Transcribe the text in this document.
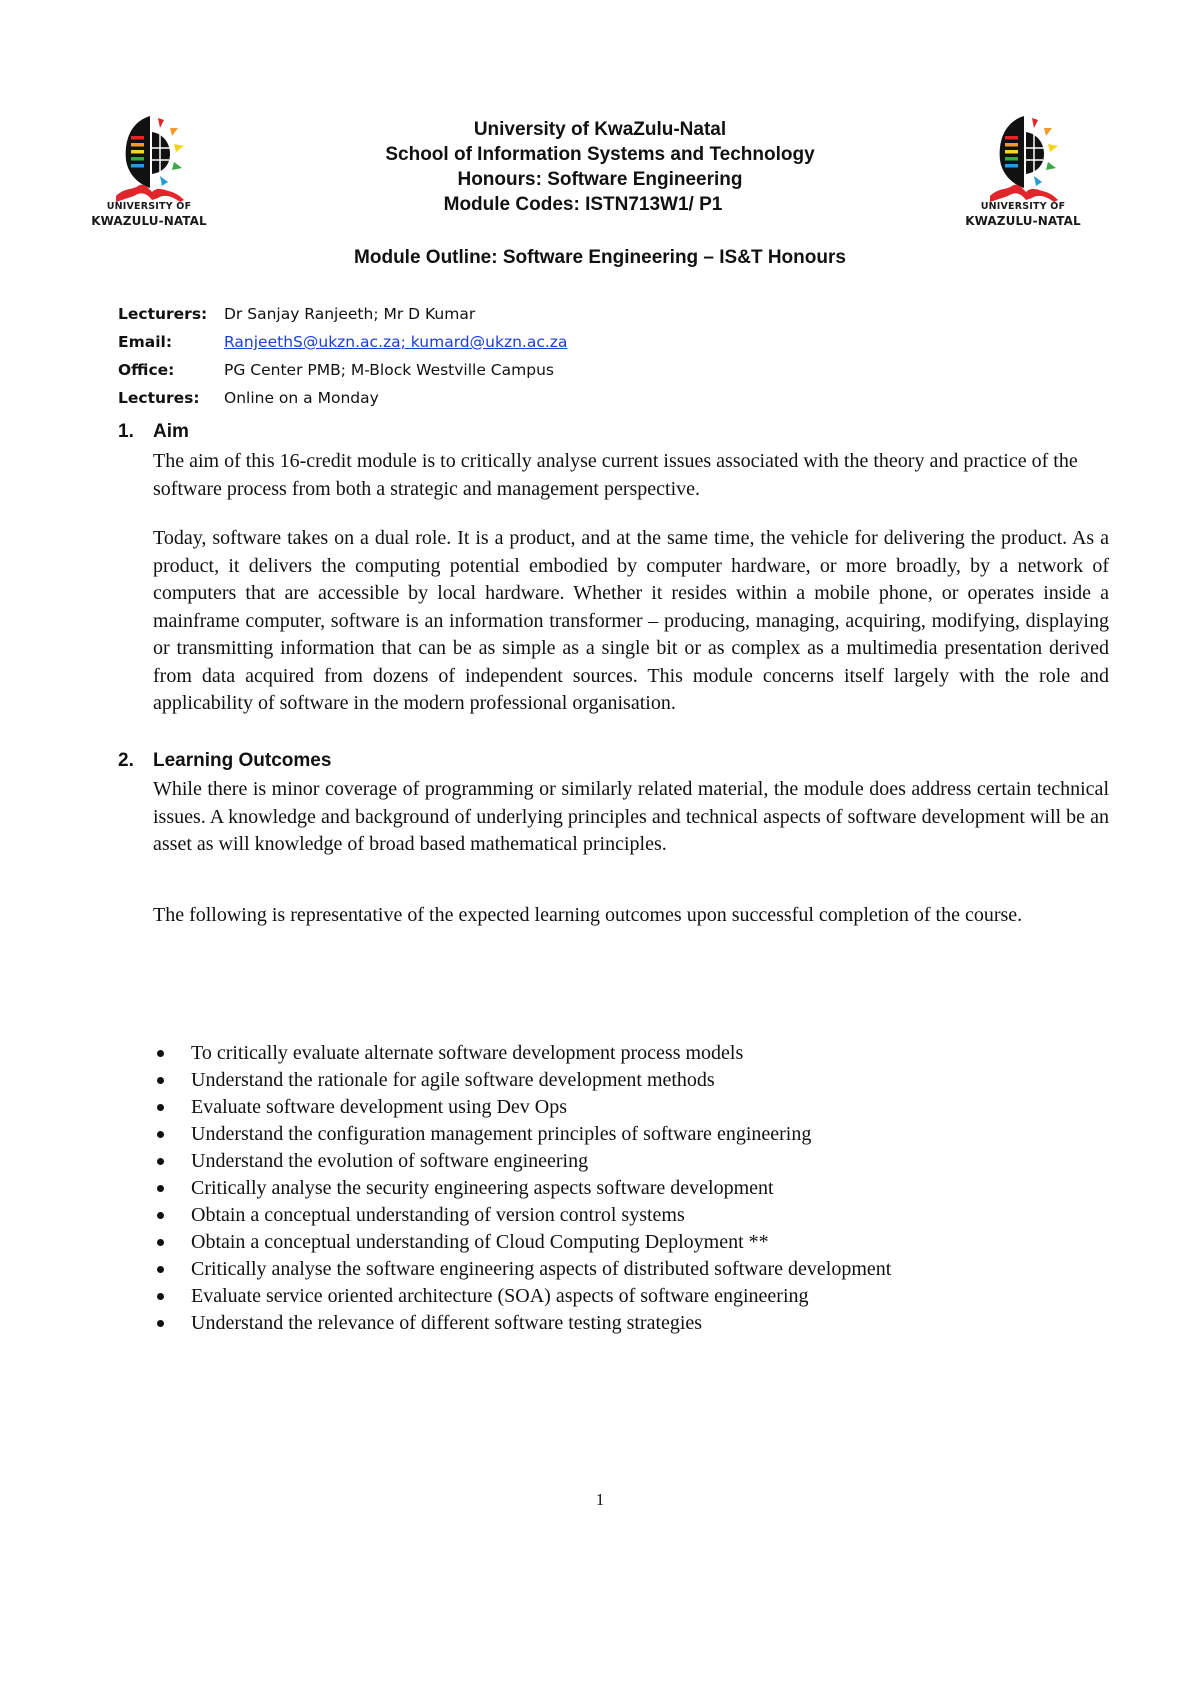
UNIVERSITY OF
KWAZULU-NATAL
UNIVERSITY OF
KWAZULU-NATAL
University of KwaZulu-Natal
School of Information Systems and Technology
Honours: Software Engineering
Module Codes: ISTN713W1/ P1
Module Outline: Software Engineering – IS&T Honours
Lecturers:	Dr Sanjay Ranjeeth; Mr D Kumar
Email:	RanjeethS@ukzn.ac.za; kumard@ukzn.ac.za
Office:	PG Center PMB; M-Block Westville Campus
Lectures:	Online on a Monday
1. Aim

The aim of this 16-credit module is to critically analyse current issues associated with the theory and practice of the software process from both a strategic and management perspective.

Today, software takes on a dual role. It is a product, and at the same time, the vehicle for delivering the product. As a product, it delivers the computing potential embodied by computer hardware, or more broadly, by a network of computers that are accessible by local hardware. Whether it resides within a mobile phone, or operates inside a mainframe computer, software is an information transformer – producing, managing, acquiring, modifying, displaying or transmitting information that can be as simple as a single bit or as complex as a multimedia presentation derived from data acquired from dozens of independent sources. This module concerns itself largely with the role and applicability of software in the modern professional organisation.

2. Learning Outcomes

While there is minor coverage of programming or similarly related material, the module does address certain technical issues. A knowledge and background of underlying principles and technical aspects of software development will be an asset as will knowledge of broad based mathematical principles.

The following is representative of the expected learning outcomes upon successful completion of the course.

To critically evaluate alternate software development process models
Understand the rationale for agile software development methods
Evaluate software development using Dev Ops
Understand the configuration management principles of software engineering
Understand the evolution of software engineering
Critically analyse the security engineering aspects software development
Obtain a conceptual understanding of version control systems
Obtain a conceptual understanding of Cloud Computing Deployment **
Critically analyse the software engineering aspects of distributed software development
Evaluate service oriented architecture (SOA) aspects of software engineering
Understand the relevance of different software testing strategies
1
